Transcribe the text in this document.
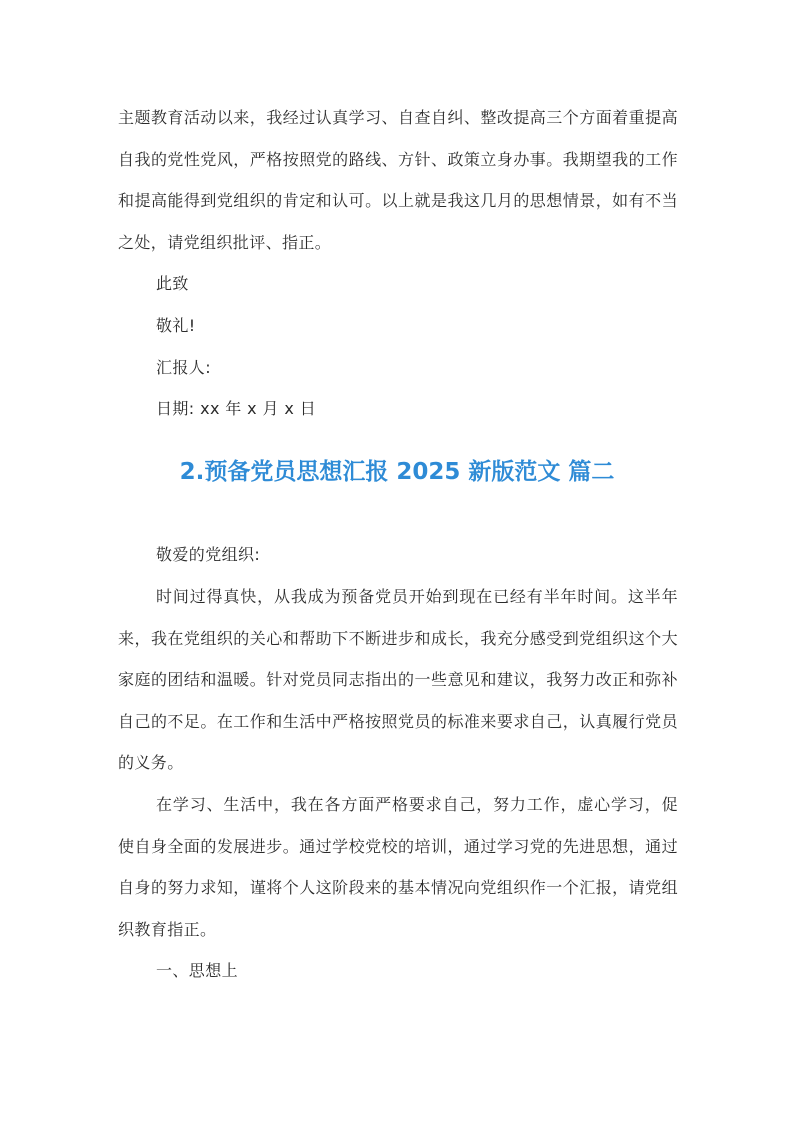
主题教育活动以来，我经过认真学习、自查自纠、整改提高三个方面着重提高自我的党性党风，严格按照党的路线、方针、政策立身办事。我期望我的工作和提高能得到党组织的肯定和认可。以上就是我这几月的思想情景，如有不当之处，请党组织批评、指正。

此致

敬礼!

汇报人:

日期: xx 年 x 月 x 日

2.预备党员思想汇报 2025 新版范文 篇二

敬爱的党组织:

时间过得真快，从我成为预备党员开始到现在已经有半年时间。这半年来，我在党组织的关心和帮助下不断进步和成长，我充分感受到党组织这个大家庭的团结和温暖。针对党员同志指出的一些意见和建议，我努力改正和弥补自己的不足。在工作和生活中严格按照党员的标准来要求自己，认真履行党员的义务。

在学习、生活中，我在各方面严格要求自己，努力工作，虚心学习，促使自身全面的发展进步。通过学校党校的培训，通过学习党的先进思想，通过自身的努力求知，谨将个人这阶段来的基本情况向党组织作一个汇报，请党组织教育指正。

一、思想上
